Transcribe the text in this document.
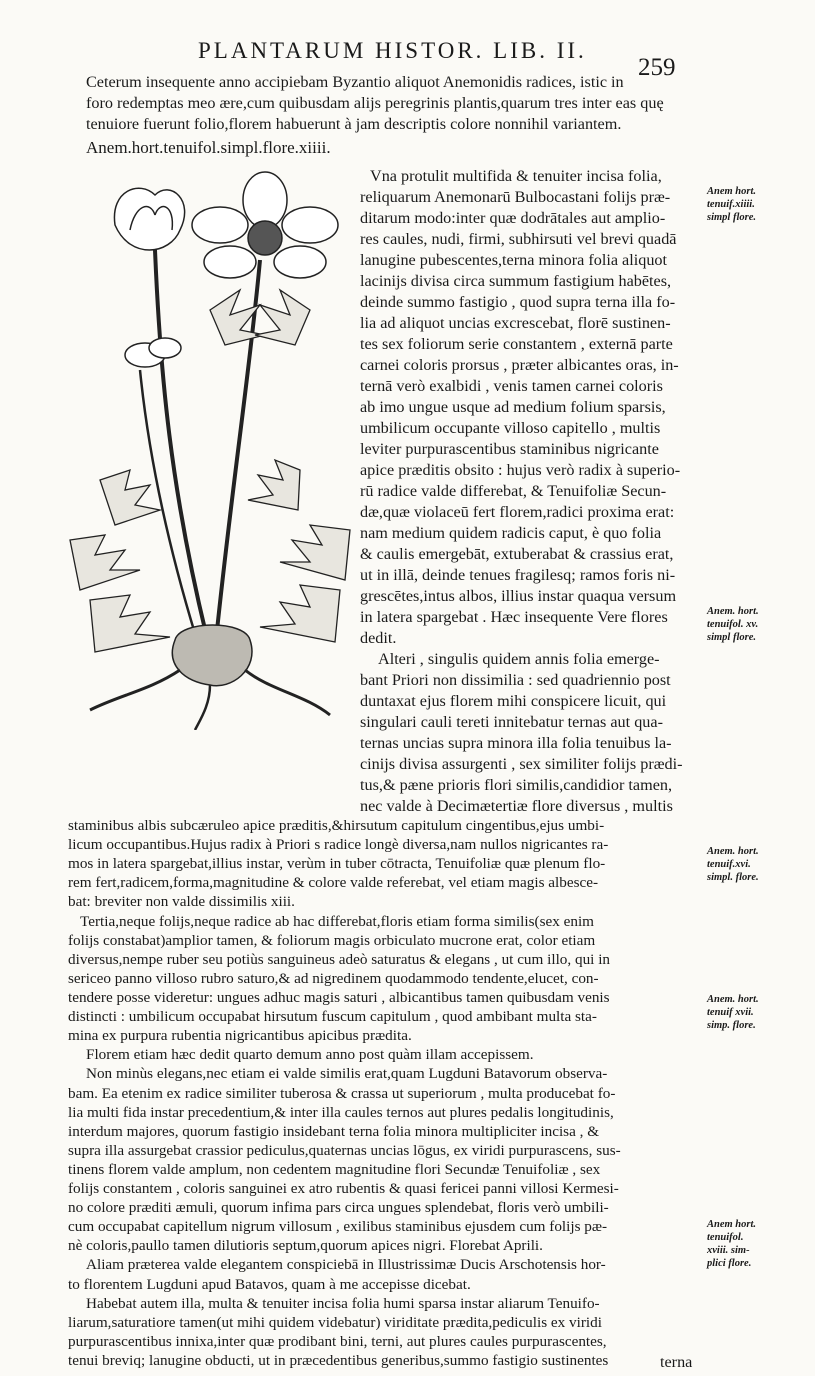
PLANTARUM HISTOR. LIB. II.
259
Ceterum insequente anno accipiebam Byzantio aliquot Anemonidis radices, istic in
foro redemptas meo ære,cum quibusdam alijs peregrinis plantis,quarum tres inter eas quę
tenuiore fuerunt folio,florem habuerunt à jam descriptis colore nonnihil variantem.
Anem.hort.tenuifol.simpl.flore.xiiii.
Vna protulit multifida & tenuiter incisa folia,
reliquarum Anemonarū Bulbocastani folijs præ-
ditarum modo:inter quæ dodrātales aut amplio-
res caules, nudi, firmi, subhirsuti vel brevi quadā
lanugine pubescentes,terna minora folia aliquot
lacinijs divisa circa summum fastigium habētes,
deinde summo fastigio , quod supra terna illa fo-
lia ad aliquot uncias excrescebat, florē sustinen-
tes sex foliorum serie constantem , externā parte
carnei coloris prorsus , præter albicantes oras, in-
ternā verò exalbidi , venis tamen carnei coloris
ab imo ungue usque ad medium folium sparsis,
umbilicum occupante villoso capitello , multis
leviter purpurascentibus staminibus nigricante
apice præditis obsito : hujus verò radix à superio-
rū radice valde differebat, & Tenuifoliæ Secun-
dæ,quæ violaceū fert florem,radici proxima erat:
nam medium quidem radicis caput, è quo folia
& caulis emergebāt, extuberabat & crassius erat,
ut in illā, deinde tenues fragilesq; ramos foris ni-
grescētes,intus albos, illius instar quaqua versum
in latera spargebat . Hæc insequente Vere flores
dedit.
Alteri , singulis quidem annis folia emerge-
bant Priori non dissimilia : sed quadriennio post
duntaxat ejus florem mihi conspicere licuit, qui
singulari cauli tereti innitebatur ternas aut qua-
ternas uncias supra minora illa folia tenuibus la-
cinijs divisa assurgenti , sex similiter folijs prædi-
tus,& pæne prioris flori similis,candidior tamen,
nec valde à Decimætertiæ flore diversus , multis
staminibus albis subcæruleo apice præditis,&hirsutum capitulum cingentibus,ejus umbi-
licum occupantibus.Hujus radix à Priori s radice longè diversa,nam nullos nigricantes ra-
mos in latera spargebat,illius instar, verùm in tuber cōtracta, Tenuifoliæ quæ plenum flo-
rem fert,radicem,forma,magnitudine & colore valde referebat, vel etiam magis albesce-
bat: breviter non valde dissimilis xiii.
Tertia,neque folijs,neque radice ab hac differebat,floris etiam forma similis(sex enim
folijs constabat)amplior tamen, & foliorum magis orbiculato mucrone erat, color etiam
diversus,nempe ruber seu potiùs sanguineus adeò saturatus & elegans , ut cum illo, qui in
sericeo panno villoso rubro saturo,& ad nigredinem quodammodo tendente,elucet, con-
tendere posse videretur: ungues adhuc magis saturi , albicantibus tamen quibusdam venis
distincti : umbilicum occupabat hirsutum fuscum capitulum , quod ambibant multa sta-
mina ex purpura rubentia nigricantibus apicibus prædita.
Florem etiam hæc dedit quarto demum anno post quàm illam accepissem.
Non minùs elegans,nec etiam ei valde similis erat,quam Lugduni Batavorum observa-
bam. Ea etenim ex radice similiter tuberosa & crassa ut superiorum , multa producebat fo-
lia multi fida instar precedentium,& inter illa caules ternos aut plures pedalis longitudinis,
interdum majores, quorum fastigio insidebant terna folia minora multipliciter incisa , &
supra illa assurgebat crassior pediculus,quaternas uncias lōgus, ex viridi purpurascens, sus-
tinens florem valde amplum, non cedentem magnitudine flori Secundæ Tenuifoliæ , sex
folijs constantem , coloris sanguinei ex atro rubentis & quasi fericei panni villosi Kermesi-
no colore præditi æmuli, quorum infima pars circa ungues splendebat, floris verò umbili-
cum occupabat capitellum nigrum villosum , exilibus staminibus ejusdem cum folijs pæ-
nè coloris,paullo tamen dilutioris septum,quorum apices nigri. Florebat Aprili.
Aliam præterea valde elegantem conspiciebā in Illustrissimæ Ducis Arschotensis hor-
to florentem Lugduni apud Batavos, quam à me accepisse dicebat.
Habebat autem illa, multa & tenuiter incisa folia humi sparsa instar aliarum Tenuifo-
liarum,saturatiore tamen(ut mihi quidem videbatur) viriditate prædita,pediculis ex viridi
purpurascentibus innixa,inter quæ prodibant bini, terni, aut plures caules purpurascentes,
tenui breviq; lanugine obducti, ut in præcedentibus generibus,summo fastigio sustinentes	terna
Anem hort.
tenuif.xiiii.
simpl flore.
Anem. hort.
tenuifol. xv.
simpl flore.
Anem. hort.
tenuif.xvi.
simpl. flore.
Anem. hort.
tenuif xvii.
simp. flore.
Anem hort.
tenuifol.
xviii. sim-
plici flore.
